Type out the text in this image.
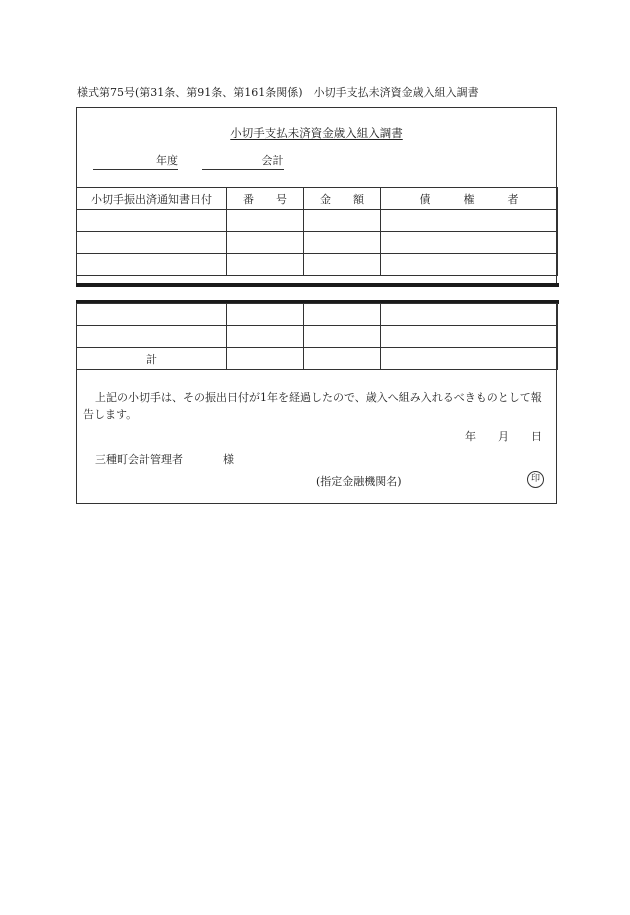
様式第75号(第31条、第91条、第161条関係)　小切手支払未済資金歳入組入調書
小切手支払未済資金歳入組入調書
年度
	会計
小切手振出済通知書日付	番　　号	金　　額	債　　　権　　　者

計			
上記の小切手は、その振出日付が1年を経過したので、歳入へ組み入れるべきものとして報告します。
年 月 日
三種町会計管理者	様
(指定金融機関名)	印
